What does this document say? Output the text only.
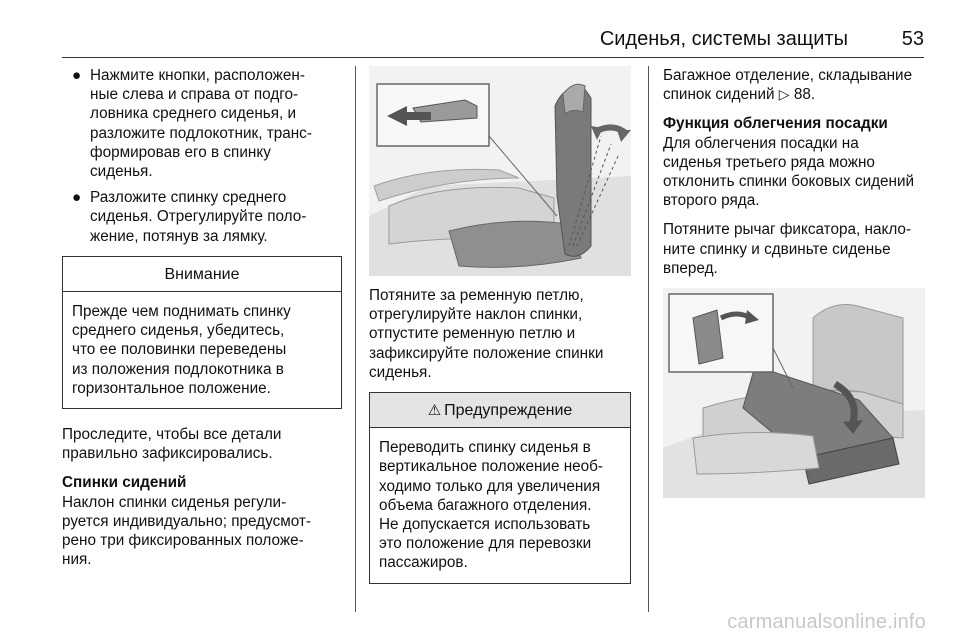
Сиденья, системы защиты	53
● Нажмите кнопки, расположен-
ные слева и справа от подго-
ловника среднего сиденья, и
разложите подлокотник, транс-
формировав его в спинку
сиденья.
● Разложите спинку среднего
сиденья. Отрегулируйте поло-
жение, потянув за лямку.
Внимание
Прежде чем поднимать спинку
среднего сиденья, убедитесь,
что ее половинки переведены
из положения подлокотника в
горизонтальное положение.

Проследите, чтобы все детали
правильно зафиксировались.

Спинки сидений

Наклон спинки сиденья регули-
руется индивидуально; предусмот-
рено три фиксированных положе-
ния.

Потяните за ременную петлю,
отрегулируйте наклон спинки,
отпустите ременную петлю и
зафиксируйте положение спинки
сиденья.

⚠ Предупреждение
Переводить спинку сиденья в
вертикальное положение необ-
ходимо только для увеличения
объема багажного отделения.
Не допускается использовать
это положение для перевозки
пассажиров.

Багажное отделение, складывание
спинок сидений ▷ 88.

Функция облегчения посадки

Для облегчения посадки на
сиденья третьего ряда можно
отклонить спинки боковых сидений
второго ряда.

Потяните рычаг фиксатора, накло-
ните спинку и сдвиньте сиденье
вперед.

carmanualsonline.info
